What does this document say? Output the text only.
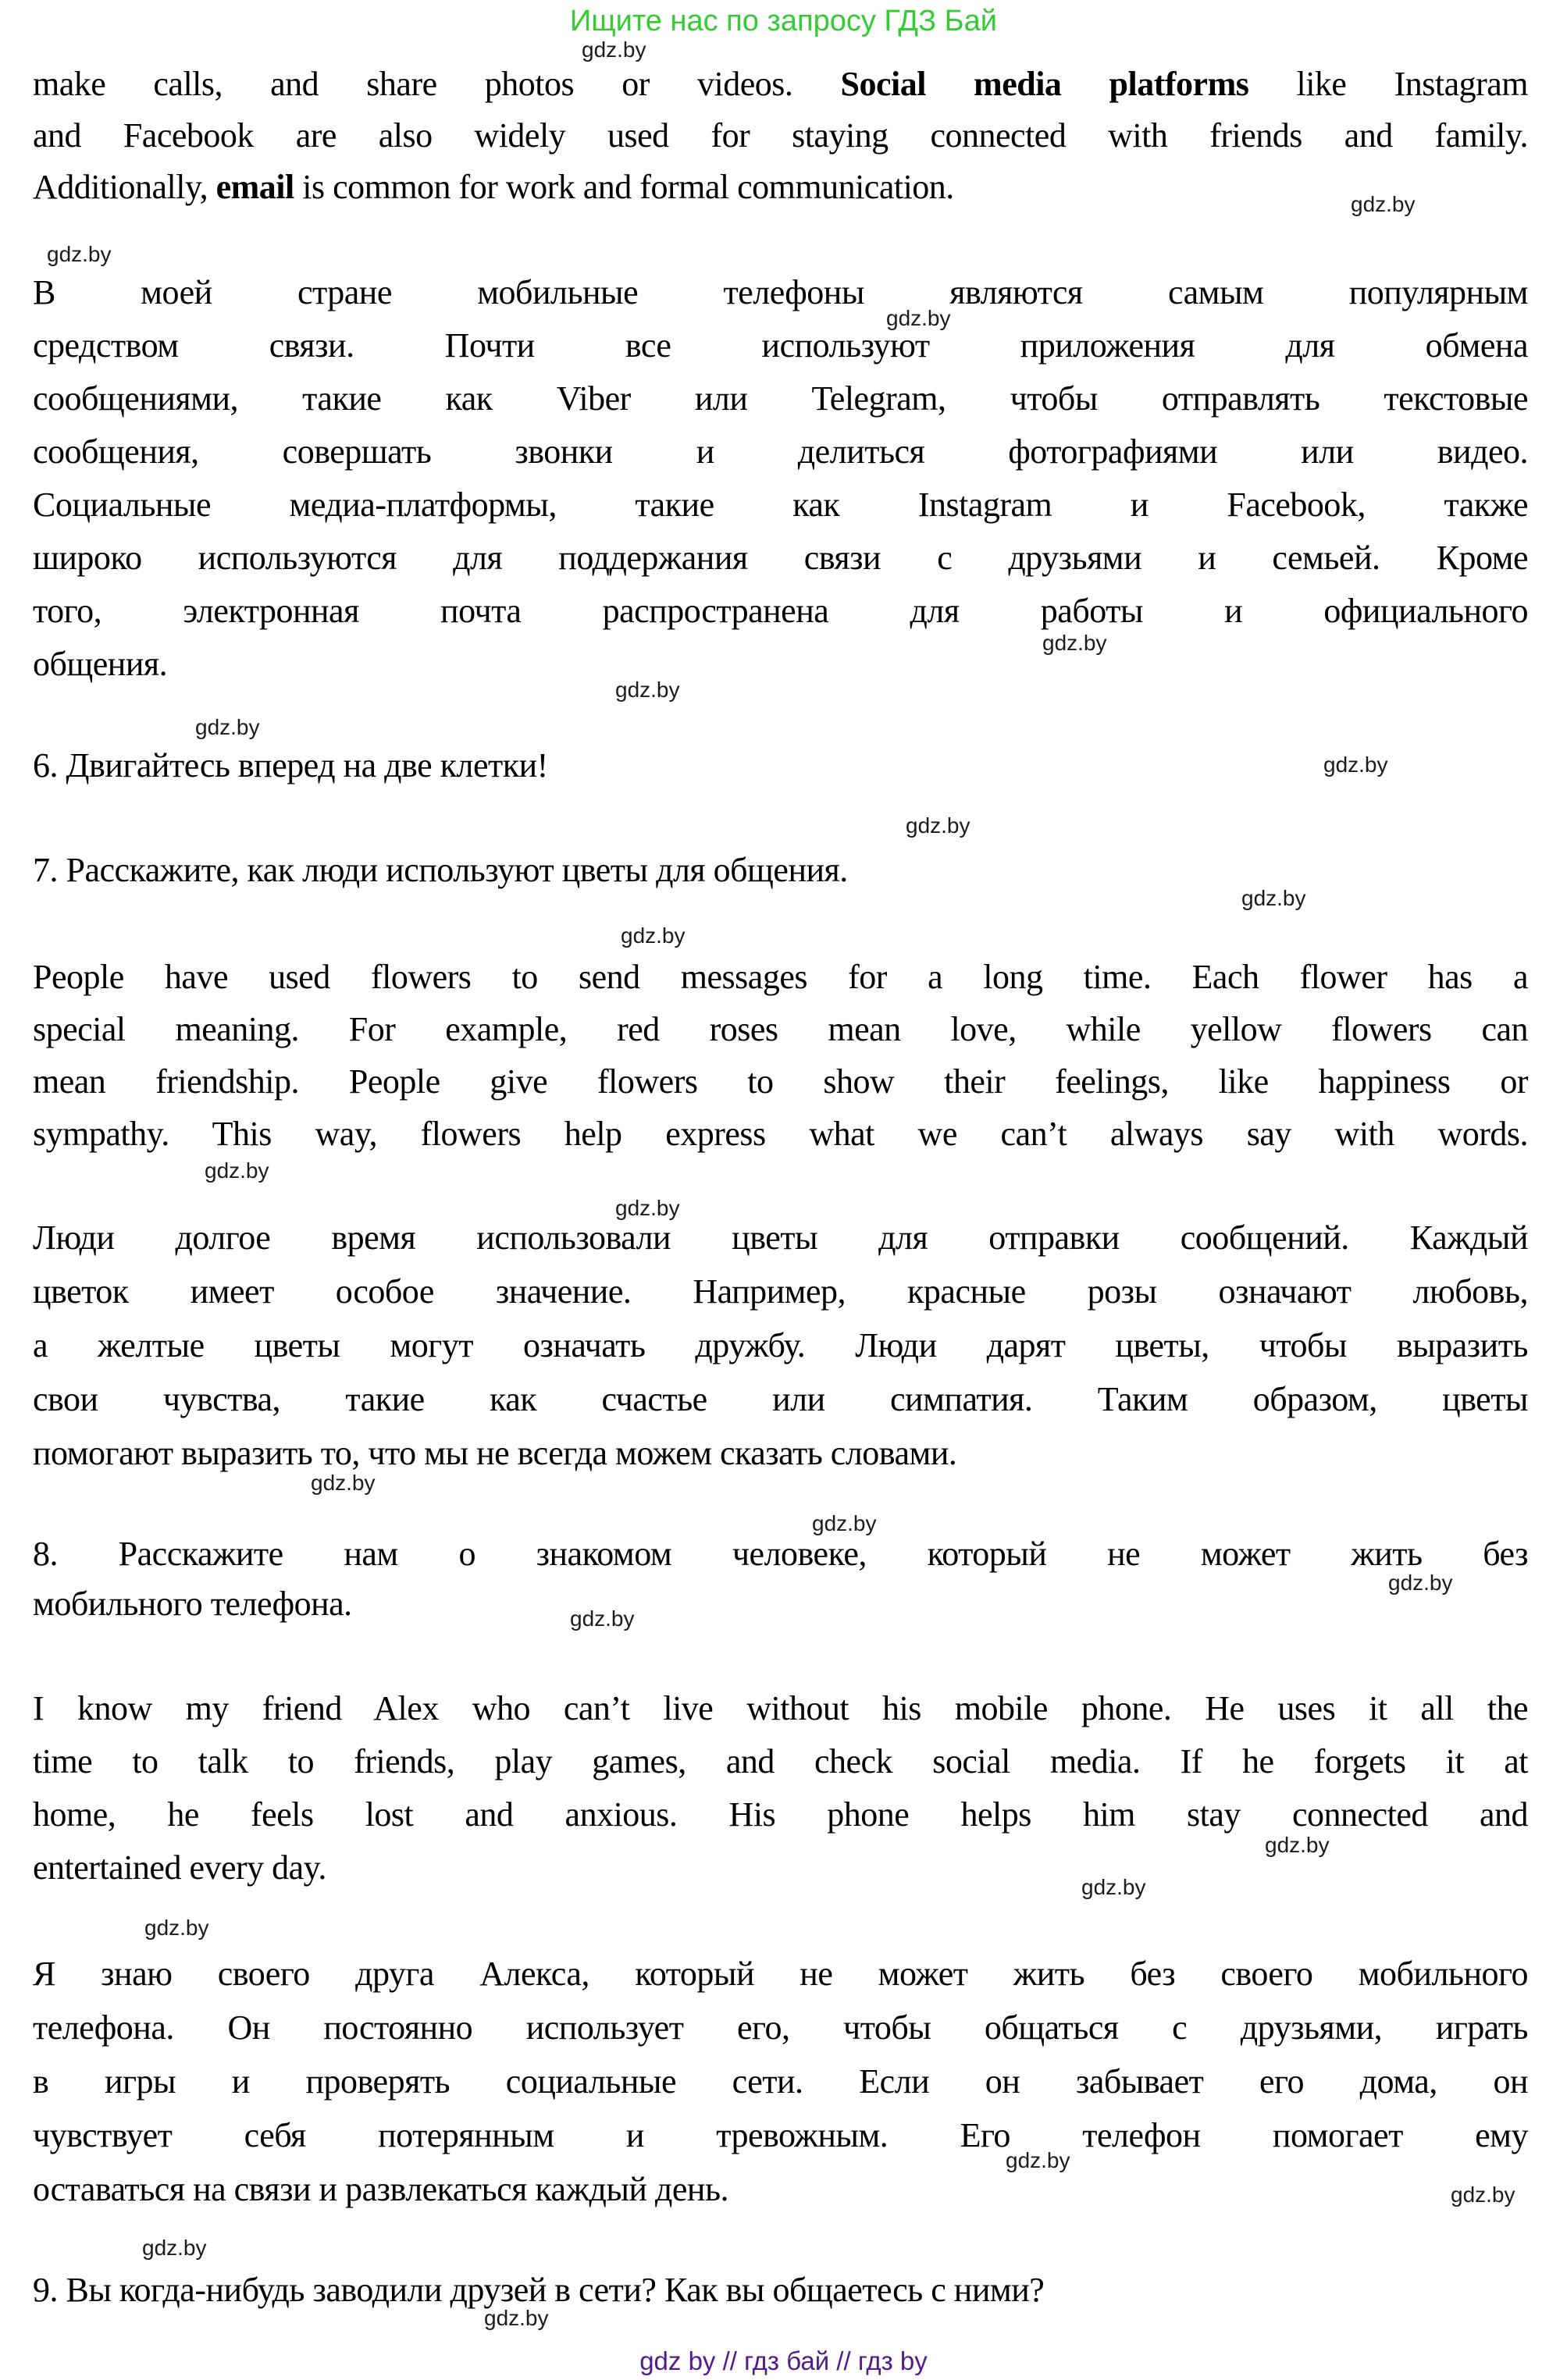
Ищите нас по запросу ГДЗ Бай
make calls, and share photos or videos. Social media platforms like Instagram
and Facebook are also widely used for staying connected with friends and family.
Additionally, email is common for work and formal communication.
В моей стране мобильные телефоны являются самым популярным
средством связи. Почти все используют приложения для обмена
сообщениями, такие как Viber или Telegram, чтобы отправлять текстовые
сообщения, совершать звонки и делиться фотографиями или видео.
Социальные медиа-платформы, такие как Instagram и Facebook, также
широко используются для поддержания связи с друзьями и семьей. Кроме
того, электронная почта распространена для работы и официального
общения.
6. Двигайтесь вперед на две клетки!
7. Расскажите, как люди используют цветы для общения.
People have used flowers to send messages for a long time. Each flower has a
special meaning. For example, red roses mean love, while yellow flowers can
mean friendship. People give flowers to show their feelings, like happiness or
sympathy. This way, flowers help express what we can’t always say with words.
Люди долгое время использовали цветы для отправки сообщений. Каждый
цветок имеет особое значение. Например, красные розы означают любовь,
а желтые цветы могут означать дружбу. Люди дарят цветы, чтобы выразить
свои чувства, такие как счастье или симпатия. Таким образом, цветы
помогают выразить то, что мы не всегда можем сказать словами.
8. Расскажите нам о знакомом человеке, который не может жить без
мобильного телефона.
I know my friend Alex who can’t live without his mobile phone. He uses it all the
time to talk to friends, play games, and check social media. If he forgets it at
home, he feels lost and anxious. His phone helps him stay connected and
entertained every day.
Я знаю своего друга Алекса, который не может жить без своего мобильного
телефона. Он постоянно использует его, чтобы общаться с друзьями, играть
в игры и проверять социальные сети. Если он забывает его дома, он
чувствует себя потерянным и тревожным. Его телефон помогает ему
оставаться на связи и развлекаться каждый день.
9. Вы когда-нибудь заводили друзей в сети? Как вы общаетесь с ними?
gdz.by
gdz.by
gdz.by
gdz.by
gdz.by
gdz.by
gdz.by
gdz.by
gdz.by
gdz.by
gdz.by
gdz.by
gdz.by
gdz.by
gdz.by
gdz.by
gdz.by
gdz.by
gdz.by
gdz.by
gdz.by
gdz.by
gdz.by
gdz.by
gdz by // гдз бай // гдз by
